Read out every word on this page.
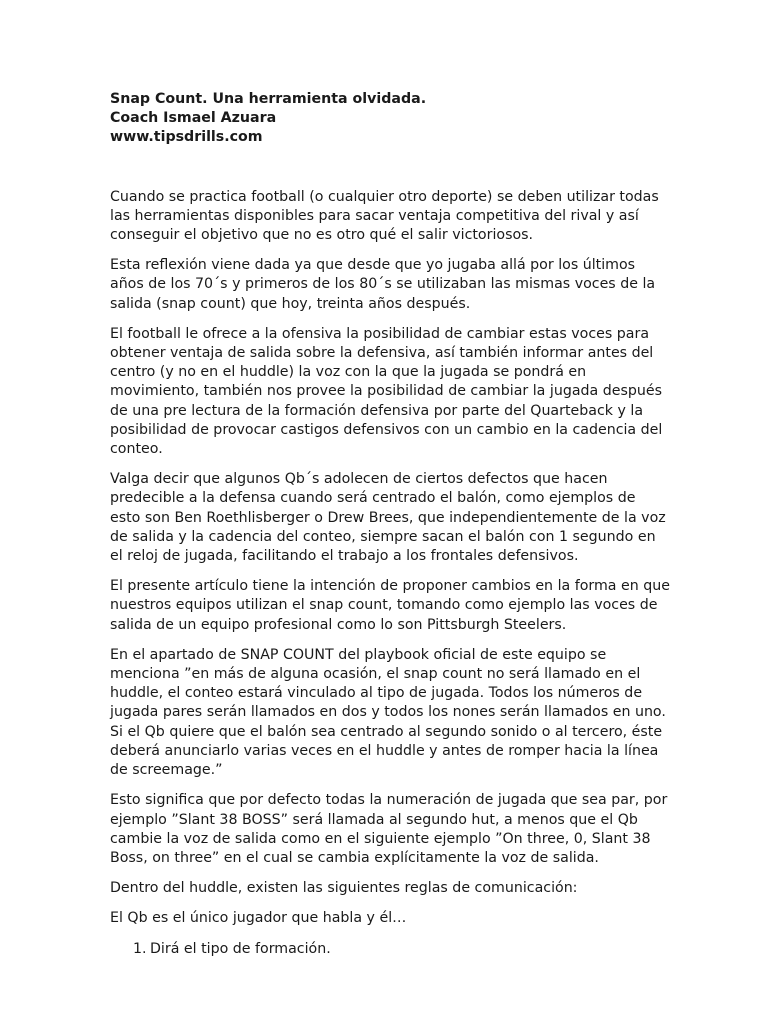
Snap Count. Una herramienta olvidada.

Coach Ismael Azuara

www.tipsdrills.com

Cuando se practica football (o cualquier otro deporte) se deben utilizar todas las herramientas disponibles para sacar ventaja competitiva del rival y así conseguir el objetivo que no es otro qué el salir victoriosos.

Esta reflexión viene dada ya que desde que yo jugaba allá por los últimos años de los 70´s y primeros de los 80´s se utilizaban las mismas voces de la salida (snap count) que hoy, treinta años después.

El football le ofrece a la ofensiva la posibilidad de cambiar estas voces para obtener ventaja de salida sobre la defensiva, así también informar antes del centro (y no en el huddle) la voz con la que la jugada se pondrá en movimiento, también nos provee la posibilidad de cambiar la jugada después de una pre lectura de la formación defensiva por parte del Quarteback y la posibilidad de provocar castigos defensivos con un cambio en la cadencia del conteo.

Valga decir que algunos Qb´s adolecen de ciertos defectos que hacen predecible a la defensa cuando será centrado el balón, como ejemplos de esto son Ben Roethlisberger o Drew Brees, que independientemente de la voz de salida y la cadencia del conteo, siempre sacan el balón con 1 segundo en el reloj de jugada, facilitando el trabajo a los frontales defensivos.

El presente artículo tiene la intención de proponer cambios en la forma en que nuestros equipos utilizan el snap count, tomando como ejemplo las voces de salida de un equipo profesional como lo son Pittsburgh Steelers.

En el apartado de SNAP COUNT del playbook oficial de este equipo se menciona ”en más de alguna ocasión, el snap count no será llamado en el huddle, el conteo estará vinculado al tipo de jugada. Todos los números de jugada pares serán llamados en dos y todos los nones serán llamados en uno. Si el Qb quiere que el balón sea centrado al segundo sonido o al tercero, éste deberá anunciarlo varias veces en el huddle y antes de romper hacia la línea de screemage.”

Esto significa que por defecto todas la numeración de jugada que sea par, por ejemplo ”Slant 38 BOSS” será llamada al segundo hut, a menos que el Qb cambie la voz de salida como en el siguiente ejemplo ”On three, 0, Slant 38 Boss, on three” en el cual se cambia explícitamente la voz de salida.

Dentro del huddle, existen las siguientes reglas de comunicación:

El Qb es el único jugador que habla y él…

1. Dirá el tipo de formación.
